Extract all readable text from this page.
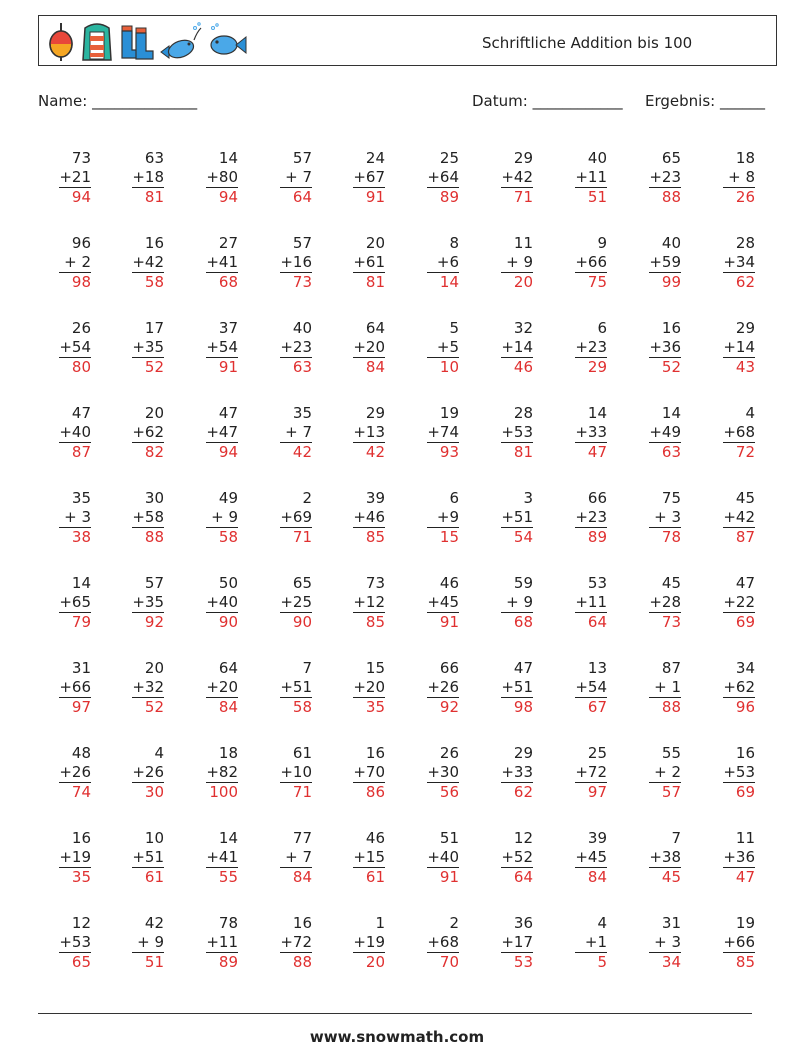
Schriftliche Addition bis 100
Name: ______________	Datum: ____________ Ergebnis: ______
73
+21
94
63
+18
81
14
+80
94
57
+ 7
64
24
+67
91
25
+64
89
29
+42
71
40
+11
51
65
+23
88
18
+ 8
26
96
+ 2
98
16
+42
58
27
+41
68
57
+16
73
20
+61
81
8
+6
14
11
+ 9
20
9
+66
75
40
+59
99
28
+34
62
26
+54
80
17
+35
52
37
+54
91
40
+23
63
64
+20
84
5
+5
10
32
+14
46
6
+23
29
16
+36
52
29
+14
43
47
+40
87
20
+62
82
47
+47
94
35
+ 7
42
29
+13
42
19
+74
93
28
+53
81
14
+33
47
14
+49
63
4
+68
72
35
+ 3
38
30
+58
88
49
+ 9
58
2
+69
71
39
+46
85
6
+9
15
3
+51
54
66
+23
89
75
+ 3
78
45
+42
87
14
+65
79
57
+35
92
50
+40
90
65
+25
90
73
+12
85
46
+45
91
59
+ 9
68
53
+11
64
45
+28
73
47
+22
69
31
+66
97
20
+32
52
64
+20
84
7
+51
58
15
+20
35
66
+26
92
47
+51
98
13
+54
67
87
+ 1
88
34
+62
96
48
+26
74
4
+26
30
18
+82
100
61
+10
71
16
+70
86
26
+30
56
29
+33
62
25
+72
97
55
+ 2
57
16
+53
69
16
+19
35
10
+51
61
14
+41
55
77
+ 7
84
46
+15
61
51
+40
91
12
+52
64
39
+45
84
7
+38
45
11
+36
47
12
+53
65
42
+ 9
51
78
+11
89
16
+72
88
1
+19
20
2
+68
70
36
+17
53
4
+1
5
31
+ 3
34
19
+66
85
www.snowmath.com
